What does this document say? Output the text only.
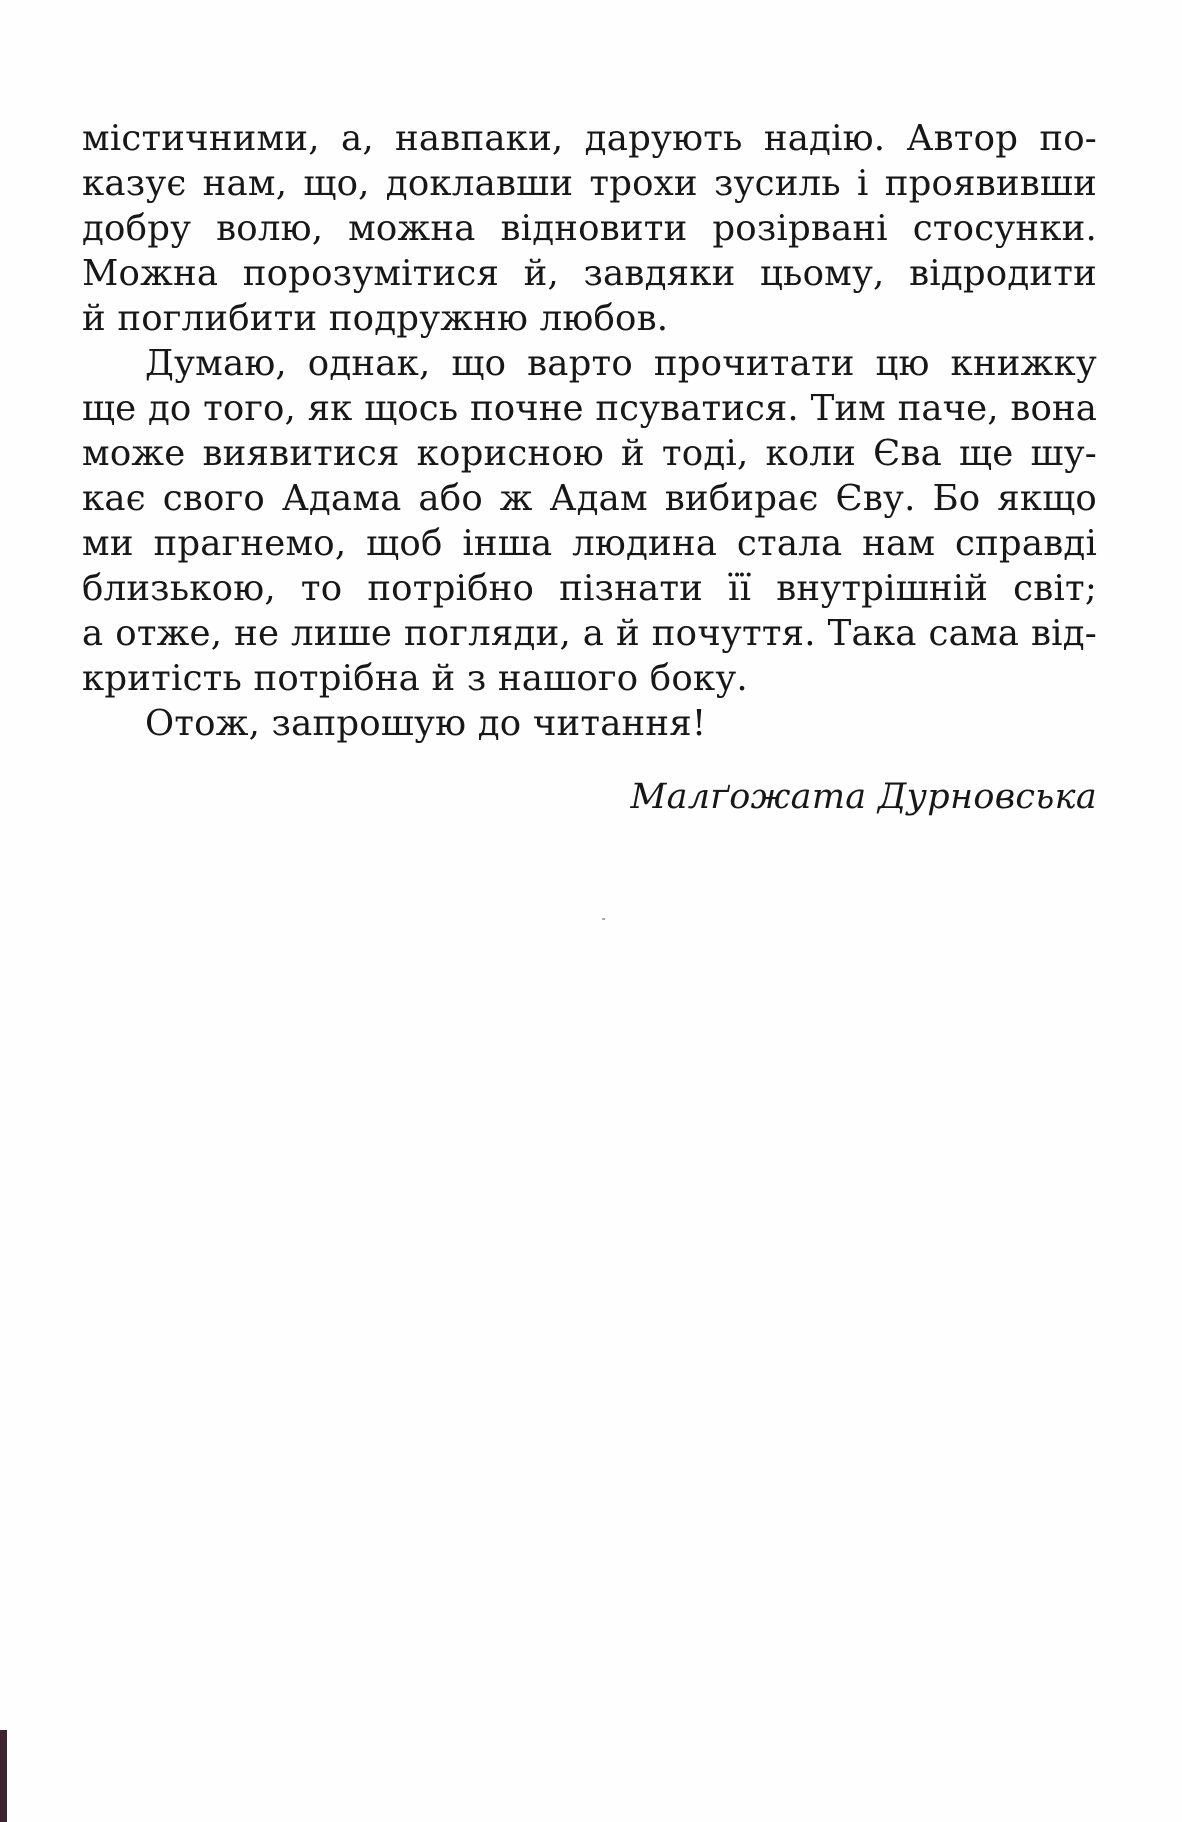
містичними, а, навпаки, дарують надію. Автор по-
казує нам, що, доклавши трохи зусиль і проявивши
добру волю, можна відновити розірвані стосунки.
Можна порозумітися й, завдяки цьому, відродити
й поглибити подружню любов.
Думаю, однак, що варто прочитати цю книжку
ще до того, як щось почне псуватися. Тим паче, вона
може виявитися корисною й тоді, коли Єва ще шу-
кає свого Адама або ж Адам вибирає Єву. Бо якщо
ми прагнемо, щоб інша людина стала нам справді
близькою, то потрібно пізнати її внутрішній світ;
а отже, не лише погляди, а й почуття. Така сама від-
критість потрібна й з нашого боку.
Отож, запрошую до читання!
Малґожата Дурновська
